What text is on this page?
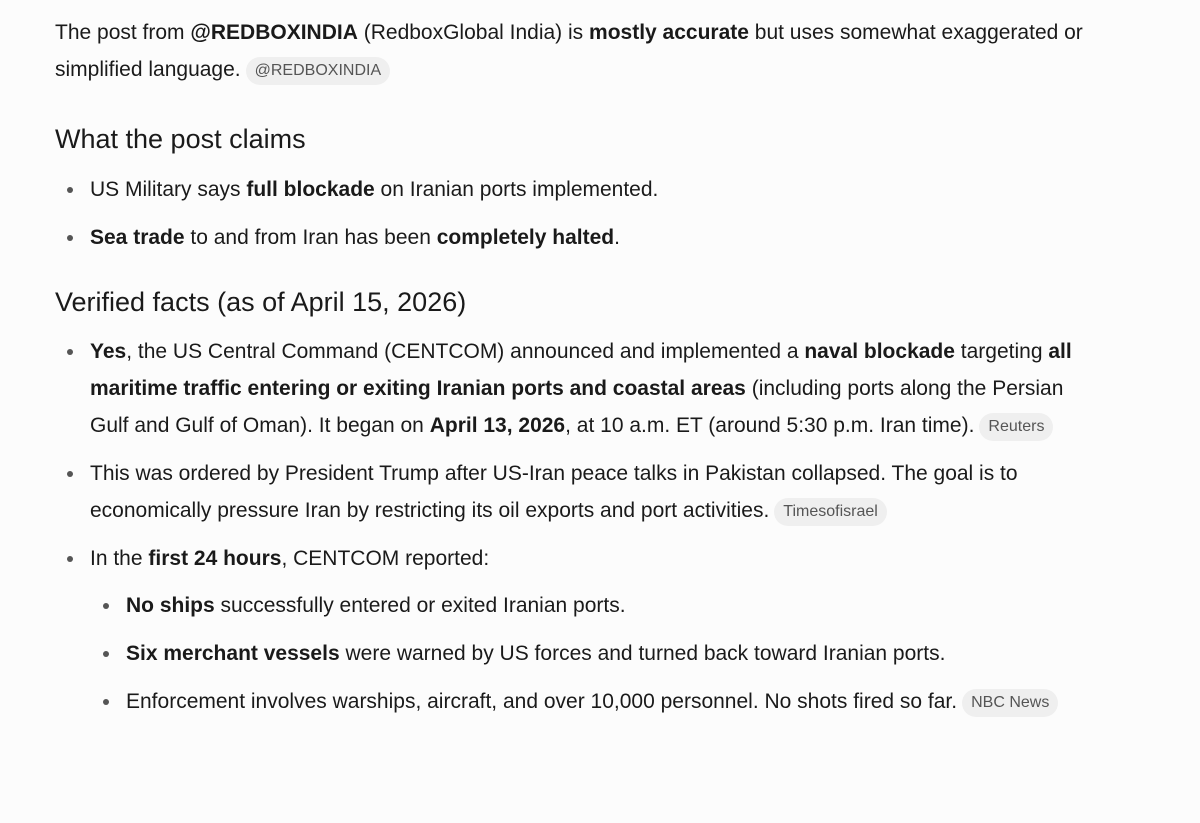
The post from @REDBOXINDIA (RedboxGlobal India) is mostly accurate but uses somewhat exaggerated or simplified language. @REDBOXINDIA

What the post claims
US Military says full blockade on Iranian ports implemented.
Sea trade to and from Iran has been completely halted.
Verified facts (as of April 15, 2026)
Yes, the US Central Command (CENTCOM) announced and implemented a naval blockade targeting all maritime traffic entering or exiting Iranian ports and coastal areas (including ports along the Persian Gulf and Gulf of Oman). It began on April 13, 2026, at 10 a.m. ET (around 5:30 p.m. Iran time). Reuters
This was ordered by President Trump after US-Iran peace talks in Pakistan collapsed. The goal is to economically pressure Iran by restricting its oil exports and port activities. Timesofisrael
In the first 24 hours, CENTCOM reported:
No ships successfully entered or exited Iranian ports.
Six merchant vessels were warned by US forces and turned back toward Iranian ports.
Enforcement involves warships, aircraft, and over 10,000 personnel. No shots fired so far. NBC News
